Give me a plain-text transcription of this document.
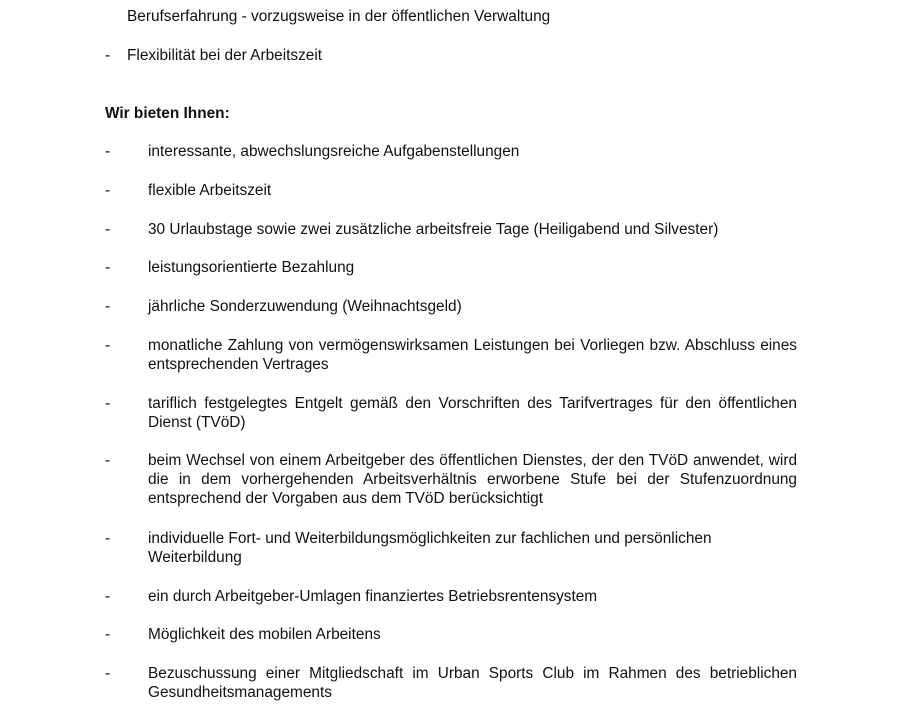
Berufserfahrung - vorzugsweise in der öffentlichen Verwaltung
- Flexibilität bei der Arbeitszeit
Wir bieten Ihnen:
- interessante, abwechslungsreiche Aufgabenstellungen
- flexible Arbeitszeit
- 30 Urlaubstage sowie zwei zusätzliche arbeitsfreie Tage (Heiligabend und Silvester)
- leistungsorientierte Bezahlung
- jährliche Sonderzuwendung (Weihnachtsgeld)
- monatliche Zahlung von vermögenswirksamen Leistungen bei Vorliegen bzw. Abschluss eines entsprechenden Vertrages
- tariflich festgelegtes Entgelt gemäß den Vorschriften des Tarifvertrages für den öffentlichen Dienst (TVöD)
- beim Wechsel von einem Arbeitgeber des öffentlichen Dienstes, der den TVöD anwendet, wird die in dem vorhergehenden Arbeitsverhältnis erworbene Stufe bei der Stufenzuordnung entsprechend der Vorgaben aus dem TVöD berücksichtigt
- individuelle Fort- und Weiterbildungsmöglichkeiten zur fachlichen und persönlichen Weiterbildung
- ein durch Arbeitgeber-Umlagen finanziertes Betriebsrentensystem
- Möglichkeit des mobilen Arbeitens
- Bezuschussung einer Mitgliedschaft im Urban Sports Club im Rahmen des betrieblichen Gesundheitsmanagements
